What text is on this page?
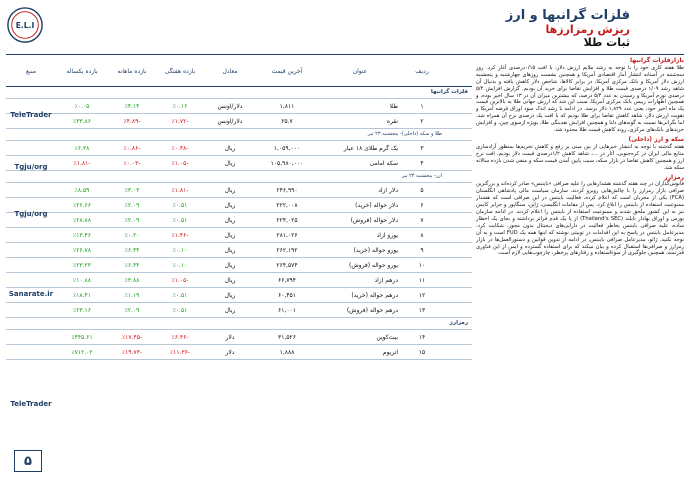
E.L.I
فلزات گرانبها و ارز
ریزش رمزارزها
ثبات طلا
منبع	بازده یکساله	بازده ماهانه	بازده هفتگی	معادل	آخرین قیمت	عنوان	ردیف
فلزات گرانبها
٪۰.۰۵	٪۴.۱۴	٪۰.۱۶	دلار/اونس	۱,۸۱۱	طلا	۱
٪۳۳.۸۶	٪۴.۸۹-	٪۱.۷۲-	دلار/اونس	۲۵.۷	نقره	۲
طلا و سکه (داخلی)- پنجشنبه ۲۳ تیر
٪۶.۳۸	٪۰.۸۶-	٪۰.۴۸-	ریال	۱,۰۵۹,۰۰۰	یک گرم طلای ۱۸ عیار	۳
٪۱.۸۱-	٪۰.۰۳-	٪۱.۰۵-	ریال	۱۰۵,۹۸۰,۰۰۰	سکه امامی	۴
ارز- پنجشنبه ۲۳ تیر
٪۸.۵۹	٪۳.۰۳	٪۱.۸۱-	ریال	۲۴۶,۹۹۰	دلار آزاد	۵
٪۲۶.۶۶	٪۲.۰۹	٪۰.۵۱	ریال	۲۲۲,۰۰۸	دلار حواله (خرید)	۶
٪۲۸.۸۸	٪۲.۰۹	٪۰.۵۱	ریال	۲۲۴,۰۲۵	دلار حواله (فروش)	۷
٪۱۳.۴۶	٪۰.۲۰	٪۱.۴۶-	ریال	۲۸۱,۰۲۶	یورو آزاد	۸
٪۲۶.۷۸	٪۶.۳۴	٪۰.۱۰	ریال	۲۶۲,۱۹۲	یورو حواله (خرید)	۹
٪۲۳.۲۳	٪۶.۳۴	٪۰.۱۰	ریال	۲۶۴,۵۷۴	یورو حواله (فروش)	۱۰
٪۱۰.۸۸	٪۳.۸۸	٪۱.۰۵-	ریال	۶۶,۷۹۴	درهم آزاد	۱۱
٪۱۸.۴۱	٪۱.۱۹	٪۰.۵۱	ریال	۶۰,۴۵۱	درهم حواله (خرید)	۱۲
٪۲۳.۱۶	٪۲.۰۹	٪۰.۵۱	ریال	۶۱,۰۰۱	درهم حواله (فروش)	۱۳
رمزارز
٪۴۴۵.۶۱	٪۱۷.۴۵-	٪۶.۳۶-	دلار	۳۱,۵۲۶	بیت‌کوین	۱۴
٪۷۱۲.۰۲	٪۱۹.۷۳-	٪۱۱.۳۶-	دلار	۱,۸۸۸	اتریوم	۱۵
TeleTrader
Tgju/org
Tgju/org
Sanarate.ir
TeleTrader
بازارفلزات گرانبها

طلا هفته کاری خود را با توجه به رشد ملایم ارزش دلار، با افت ۰/۱۵درصدی آغاز کرد. روز سه‌شنبه در آستانه انتشار آمار اقتصادی آمریکا و همچنین نشست روزهای چهارشنبه و پنجشنبه ارزش دلار آمریکا و بانک مرکزی آمریکا، در برابر کالاها، شاخص دلار کاهش یافته و بدنبال آن شاهد رشد ۱/۰۹ درصدی قیمت طلا و افزایش تقاضا برای خرید آن بودیم. گزارش افزایش ۵/۴ درصدی تورم آمریکا و رسیدن به عدد ۵/۴ درصد، که بیشترین میزان آن در ۱۳ سال اخیر بوده، و همچنین اظهارات رییس بانک مرکزی آمریکا، سبب این شد که ارزش جهانی طلا به بالاترین قیمت یک ماه اخیر خود، یعنی عدد ۱,۸۲۹ دلار برسد. در ادامه با رشد اندک سود اوراق قرضه آمریکا و تقویت ارزش دلار، شاهد کاهش تقاضا برای طلا بودیم که با افت یک درصدی نرخ آن همراه شد. اما نگرانی‌ها نسبت به گونه‌های دلتا و همچنین افزایش نقدینگی طلا، بویژه ازسوی چین، و افزایش خریدهای بانک‌های مرکزی، روند کاهش قیمت طلا محدود شد.

سکه و ارز (داخلی)

هفته گذشته با توجه به انتشار خبرهایی از بین مبنی بر رفع و کاهش تحریم‌ها بمنظور آزادسازی منابع مالی ایران در کره‌جنوبی، آثار در ...، شاهد کاهش ۱/۲درصدی قیمت دلار بودیم. افت نرخ ارز و همچنین کاهش تقاضا در بازار سکه، سبب پایین آمدن قیمت سکه و منفی شدن بازده سالانه سکه شد.

رمزارز

فانوس‌گذاران در چند هفته گذشته هشدارهایی را علیه صرافی «بایننس» صادر کرده‌اند و بزرگترین صرافی بازار رمزارز را با چالش‌هایی روبرو کردند. سازمان سیاست مالی پادشاهی انگلستان (FCA) یکی از مجریان است که اعلام کرده، فعالیت بایننس در این صرافی است که هشدار ممنوعیت استفاده از بایننس را ابلاغ کرد. پس از مقامات انگلیسی، ژاپن، سنگاپور و جزایر کایمن نیز به این کشور ملحق شدند و ممنوعیت استفاده از بایننس را اعلام کردند. در ادامه سازمان بورس و اوراق بهادار تایلند (Thailand's SEC) از پا یک قدم فراتر برداشته و بجای یک اخطار ساده، علیه صرافی بایننس بخاطر فعالیت در دارایی‌های دیجیتال بدون مجوز، شکایت کرد. مدیرعامل بایننس در پاسخ به این اقدامات در توییتی نوشته که اینها همه یک FUD است و به آن توجه نکنید. ژائو، مدیرعامل صرافی بایننس، در ادامه از تدوین قوانین و دستورالعمل‌ها در بازار رمزارز و صرافی‌ها استقبال کرده و بیان میکند که برای استفاده گسترده و ایمن از این فناوری قدرتمند، همچنین جلوگیری از سوءاستفاده و رفتارهای پرخطر، چارچوب‌هایی لازم است.

۵
